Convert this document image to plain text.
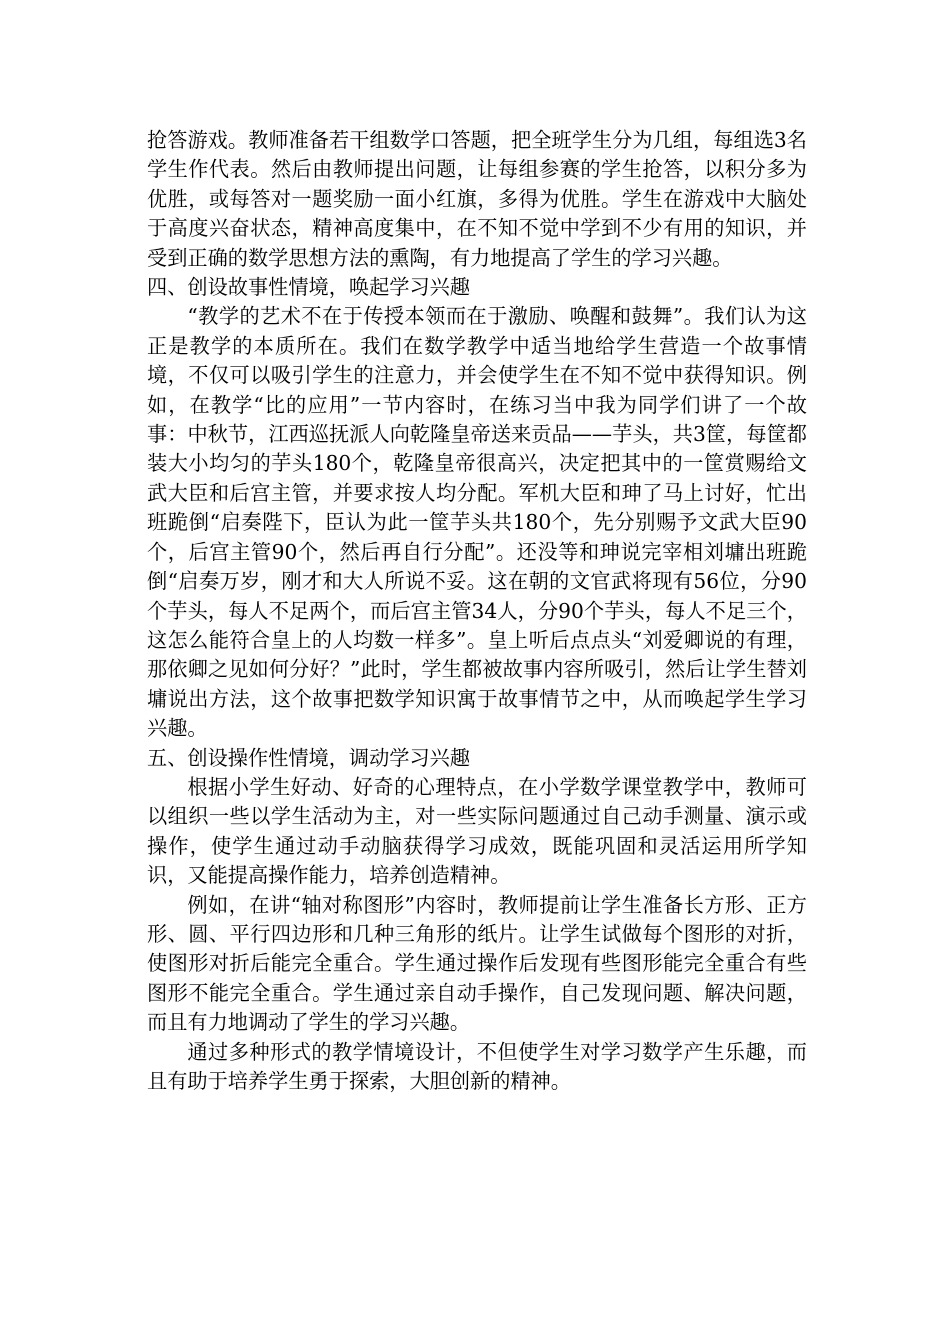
抢答游戏。教师准备若干组数学口答题，把全班学生分为几组，每组选3名学生作代表。然后由教师提出问题，让每组参赛的学生抢答，以积分多为优胜，或每答对一题奖励一面小红旗，多得为优胜。学生在游戏中大脑处于高度兴奋状态，精神高度集中，在不知不觉中学到不少有用的知识，并受到正确的数学思想方法的熏陶，有力地提高了学生的学习兴趣。

四、创设故事性情境，唤起学习兴趣

“教学的艺术不在于传授本领而在于激励、唤醒和鼓舞”。我们认为这正是教学的本质所在。我们在数学教学中适当地给学生营造一个故事情境，不仅可以吸引学生的注意力，并会使学生在不知不觉中获得知识。例如，在教学“比的应用”一节内容时，在练习当中我为同学们讲了一个故事：中秋节，江西巡抚派人向乾隆皇帝送来贡品——芋头，共3筐，每筐都装大小均匀的芋头180个，乾隆皇帝很高兴，决定把其中的一筐赏赐给文武大臣和后宫主管，并要求按人均分配。军机大臣和珅了马上讨好，忙出班跪倒“启奏陛下，臣认为此一筐芋头共180个，先分别赐予文武大臣90个，后宫主管90个，然后再自行分配”。还没等和珅说完宰相刘墉出班跪倒“启奏万岁，刚才和大人所说不妥。这在朝的文官武将现有56位，分90个芋头，每人不足两个，而后宫主管34人，分90个芋头，每人不足三个，这怎么能符合皇上的人均数一样多”。皇上听后点点头“刘爱卿说的有理，那依卿之见如何分好？”此时，学生都被故事内容所吸引，然后让学生替刘墉说出方法，这个故事把数学知识寓于故事情节之中，从而唤起学生学习兴趣。

五、创设操作性情境，调动学习兴趣

根据小学生好动、好奇的心理特点，在小学数学课堂教学中，教师可以组织一些以学生活动为主，对一些实际问题通过自己动手测量、演示或操作，使学生通过动手动脑获得学习成效，既能巩固和灵活运用所学知识，又能提高操作能力，培养创造精神。

例如，在讲“轴对称图形”内容时，教师提前让学生准备长方形、正方形、圆、平行四边形和几种三角形的纸片。让学生试做每个图形的对折，使图形对折后能完全重合。学生通过操作后发现有些图形能完全重合有些图形不能完全重合。学生通过亲自动手操作，自己发现问题、解决问题，而且有力地调动了学生的学习兴趣。

通过多种形式的教学情境设计，不但使学生对学习数学产生乐趣，而且有助于培养学生勇于探索，大胆创新的精神。
